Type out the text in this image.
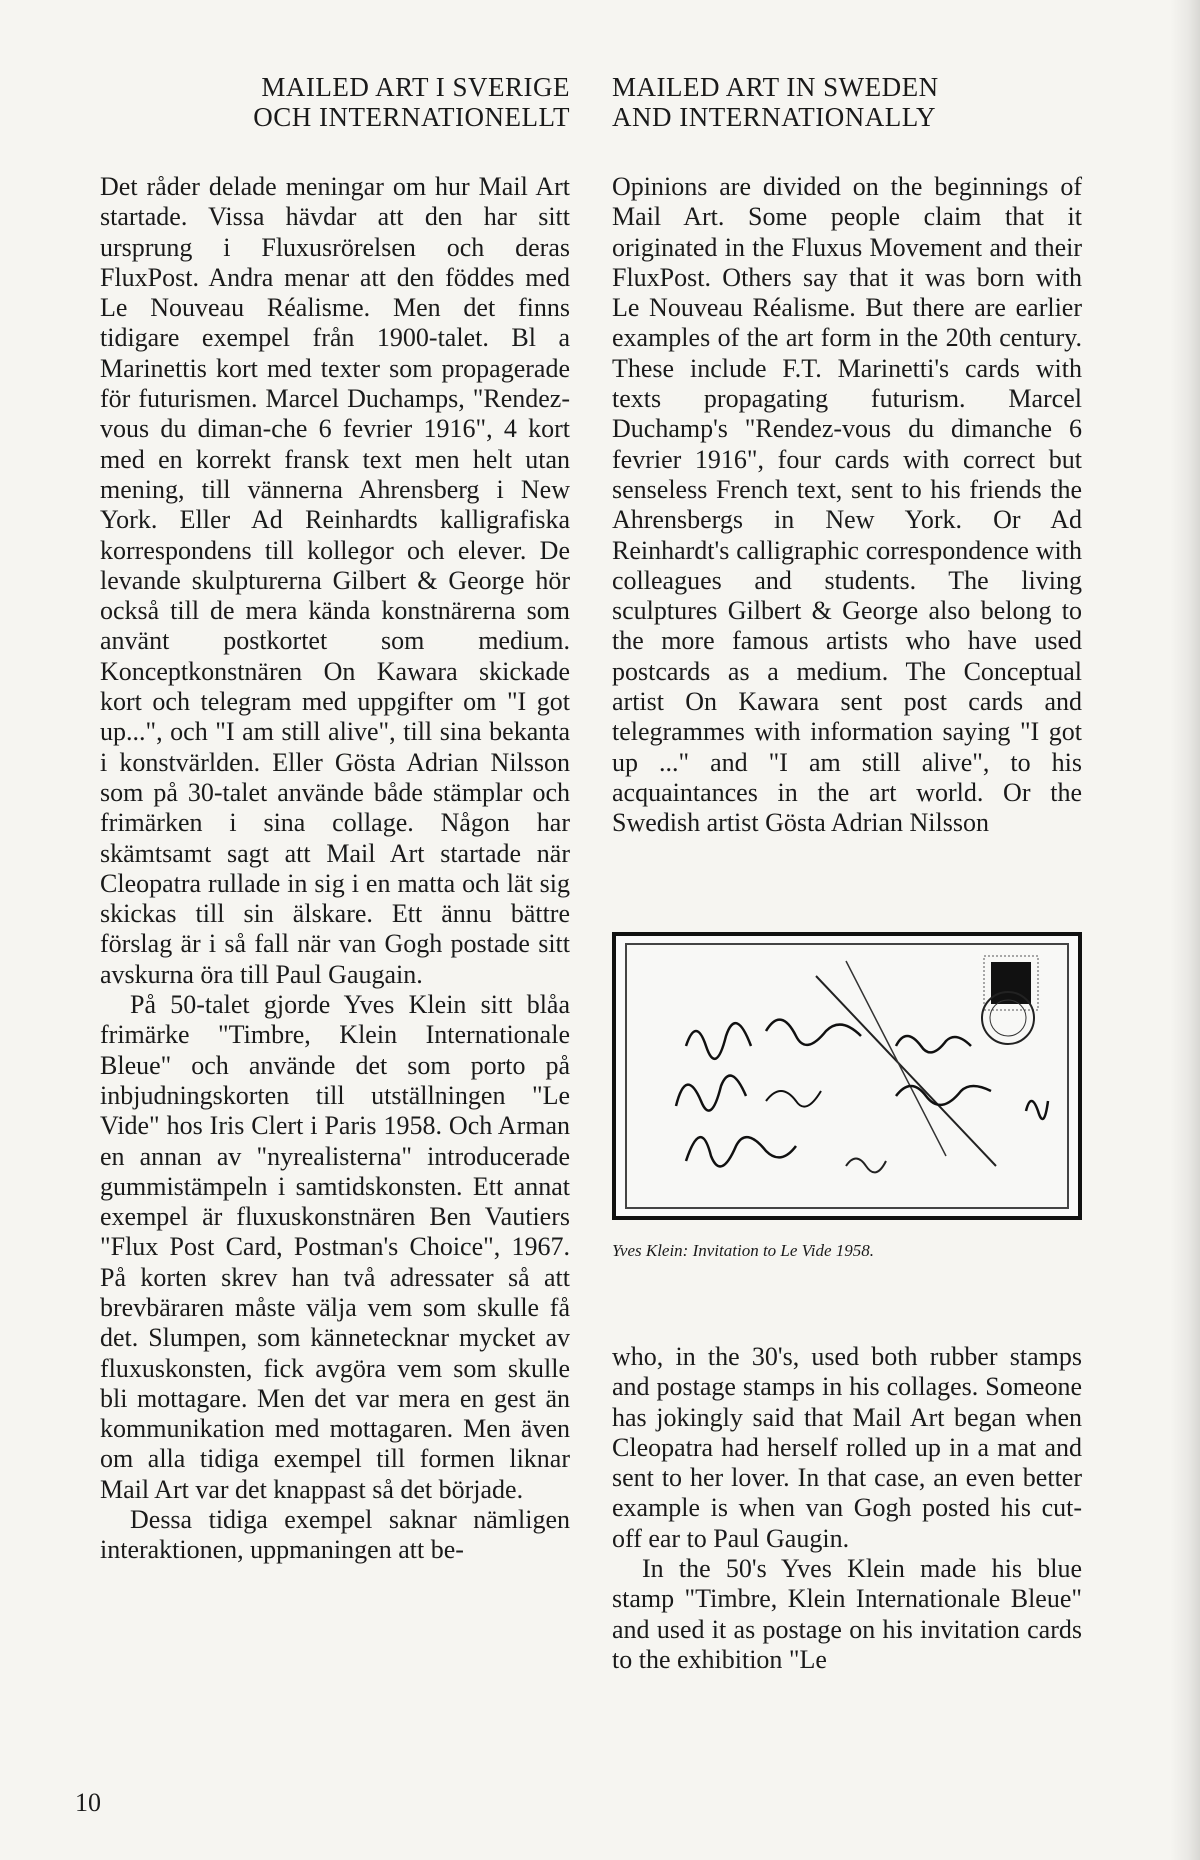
MAILED ART I SVERIGE
OCH INTERNATIONELLT

Det råder delade meningar om hur Mail Art startade. Vissa hävdar att den har sitt ursprung i Fluxusrörelsen och deras FluxPost. Andra menar att den föddes med Le Nouveau Réalisme. Men det finns tidigare exempel från 1900-talet. Bl a Marinettis kort med texter som propagerade för futurismen. Marcel Duchamps, "Rendez-vous du diman-che 6 fevrier 1916", 4 kort med en korrekt fransk text men helt utan mening, till vännerna Ahrensberg i New York. Eller Ad Reinhardts kalligrafiska korrespondens till kollegor och elever. De levande skulpturerna Gilbert & George hör också till de mera kända konstnärerna som använt postkortet som medium. Konceptkonstnären On Kawara skickade kort och telegram med uppgifter om "I got up...", och "I am still alive", till sina bekanta i konstvärlden. Eller Gösta Adrian Nilsson som på 30-talet använde både stämplar och frimärken i sina collage. Någon har skämtsamt sagt att Mail Art startade när Cleopatra rullade in sig i en matta och lät sig skickas till sin älskare. Ett ännu bättre förslag är i så fall när van Gogh postade sitt avskurna öra till Paul Gaugain.

På 50-talet gjorde Yves Klein sitt blåa frimärke "Timbre, Klein Internationale Bleue" och använde det som porto på inbjudningskorten till utställningen "Le Vide" hos Iris Clert i Paris 1958. Och Arman en annan av "nyrealisterna" introducerade gummistämpeln i samtidskonsten. Ett annat exempel är fluxuskonstnären Ben Vautiers "Flux Post Card, Postman's Choice", 1967. På korten skrev han två adressater så att brevbäraren måste välja vem som skulle få det. Slumpen, som kännetecknar mycket av fluxuskonsten, fick avgöra vem som skulle bli mottagare. Men det var mera en gest än kommunikation med mottagaren. Men även om alla tidiga exempel till formen liknar Mail Art var det knappast så det började.

Dessa tidiga exempel saknar nämligen interaktionen, uppmaningen att be-

MAILED ART IN SWEDEN
AND INTERNATIONALLY

Opinions are divided on the beginnings of Mail Art. Some people claim that it originated in the Fluxus Movement and their FluxPost. Others say that it was born with Le Nouveau Réalisme. But there are earlier examples of the art form in the 20th century. These include F.T. Marinetti's cards with texts propagating futurism. Marcel Duchamp's "Rendez-vous du dimanche 6 fevrier 1916", four cards with correct but senseless French text, sent to his friends the Ahrensbergs in New York. Or Ad Reinhardt's calligraphic correspondence with colleagues and students. The living sculptures Gilbert & George also belong to the more famous artists who have used postcards as a medium. The Conceptual artist On Kawara sent post cards and telegrammes with information saying "I got up ..." and "I am still alive", to his acquaintances in the art world. Or the Swedish artist Gösta Adrian Nilsson

Yves Klein: Invitation to Le Vide 1958.

who, in the 30's, used both rubber stamps and postage stamps in his collages. Someone has jokingly said that Mail Art began when Cleopatra had herself rolled up in a mat and sent to her lover. In that case, an even better example is when van Gogh posted his cut-off ear to Paul Gaugin.

In the 50's Yves Klein made his blue stamp "Timbre, Klein Internationale Bleue" and used it as postage on his invitation cards to the exhibition "Le

10
